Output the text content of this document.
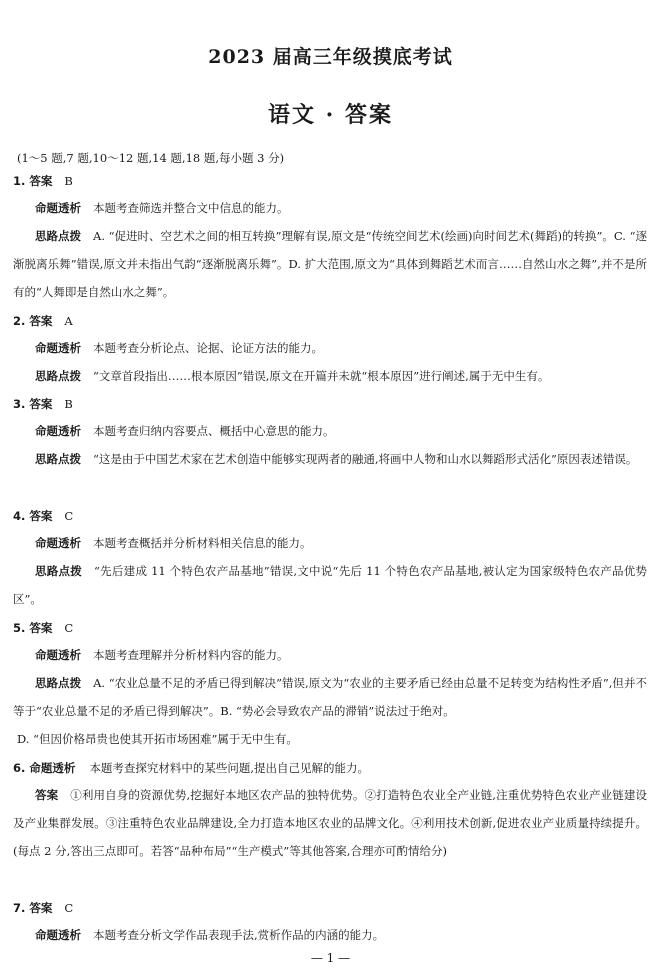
2023 届高三年级摸底考试
语文 · 答案
(1～5 题,7 题,10～12 题,14 题,18 题,每小题 3 分)
1. 答案 B
命题透析 本题考查筛选并整合文中信息的能力。
思路点拨 A. “促进时、空艺术之间的相互转换”理解有误,原文是“传统空间艺术(绘画)向时间艺术(舞蹈)的转换”。C. “逐渐脱离乐舞”错误,原文并未指出气韵“逐渐脱离乐舞”。D. 扩大范围,原文为“具体到舞蹈艺术而言……自然山水之舞”,并不是所有的“人舞即是自然山水之舞”。
2. 答案 A
命题透析 本题考查分析论点、论据、论证方法的能力。
思路点拨 “文章首段指出……根本原因”错误,原文在开篇并未就“根本原因”进行阐述,属于无中生有。
3. 答案 B
命题透析 本题考查归纳内容要点、概括中心意思的能力。
思路点拨 “这是由于中国艺术家在艺术创造中能够实现两者的融通,将画中人物和山水以舞蹈形式活化”原因表述错误。
4. 答案 C
命题透析 本题考查概括并分析材料相关信息的能力。
思路点拨 “先后建成 11 个特色农产品基地”错误,文中说“先后 11 个特色农产品基地,被认定为国家级特色农产品优势区”。
5. 答案 C
命题透析 本题考查理解并分析材料内容的能力。
思路点拨 A. “农业总量不足的矛盾已得到解决”错误,原文为“农业的主要矛盾已经由总量不足转变为结构性矛盾”,但并不等于“农业总量不足的矛盾已得到解决”。B. “势必会导致农产品的滞销”说法过于绝对。
D. “但因价格昂贵也使其开拓市场困难”属于无中生有。
6. 命题透析 本题考查探究材料中的某些问题,提出自己见解的能力。
答案 ①利用自身的资源优势,挖掘好本地区农产品的独特优势。②打造特色农业全产业链,注重优势特色农业产业链建设及产业集群发展。③注重特色农业品牌建设,全力打造本地区农业的品牌文化。④利用技术创新,促进农业产业质量持续提升。(每点 2 分,答出三点即可。若答“品种布局”“生产模式”等其他答案,合理亦可酌情给分)
7. 答案 C
命题透析 本题考查分析文学作品表现手法,赏析作品的内涵的能力。
— 1 —
